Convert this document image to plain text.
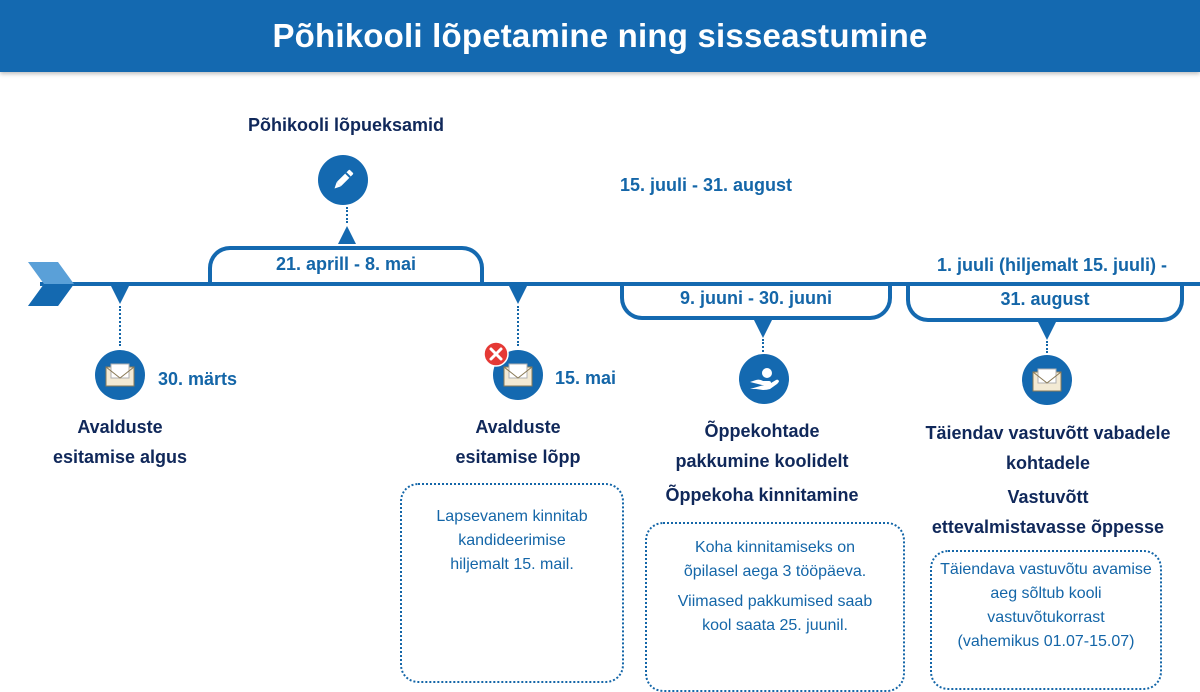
Põhikooli lõpetamine ning sisseastumine
Põhikooli lõpueksamid
21. aprill - 8. mai
15. juuli - 31. august
30. märts
Avalduste
esitamise algus
15. mai
Avalduste
esitamise lõpp

Lapsevanem kinnitab

kandideerimise

hiljemalt 15. mail.

9. juuni - 30. juuni
Õppekohtade
pakkumine koolidelt
Õppekoha kinnitamine

Koha kinnitamiseks on

õpilasel aega 3 tööpäeva.

Viimased pakkumised saab

kool saata 25. juunil.

1. juuli (hiljemalt 15. juuli) -
31. august
Täiendav vastuvõtt vabadele
kohtadele
Vastuvõtt
ettevalmistavasse õppesse

Täiendava vastuvõtu avamise

aeg sõltub kooli

vastuvõtukorrast

(vahemikus 01.07-15.07)
